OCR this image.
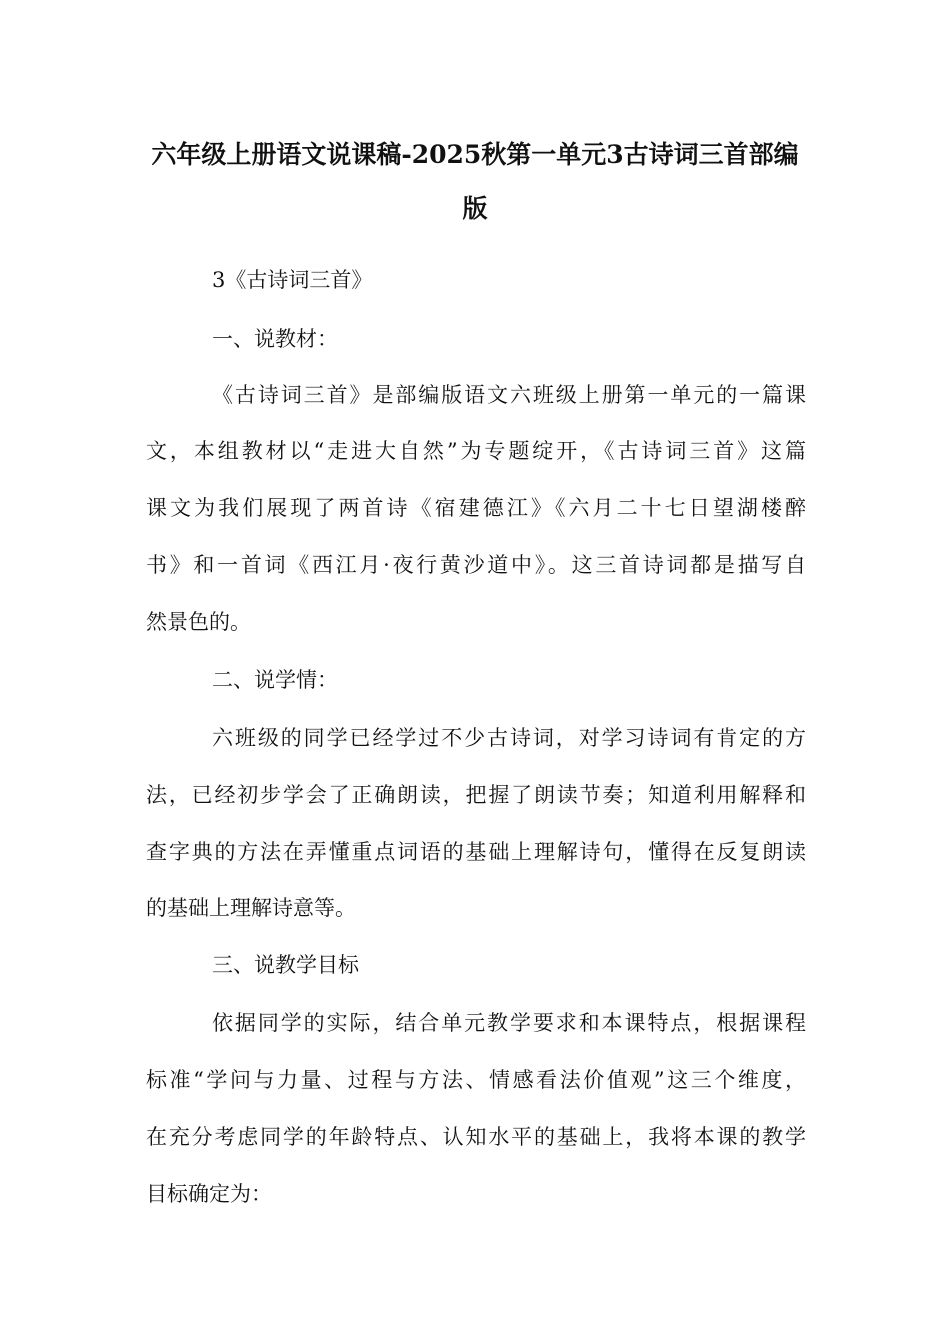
六年级上册语文说课稿-2025秋第一单元3古诗词三首部编
版
3《古诗词三首》
一、说教材：
《古诗词三首》是部编版语文六班级上册第一单元的一篇课
文，本组教材以“走进大自然”为专题绽开，《古诗词三首》这篇
课文为我们展现了两首诗《宿建德江》《六月二十七日望湖楼醉
书》和一首词《西江月·夜行黄沙道中》。这三首诗词都是描写自
然景色的。
二、说学情：
六班级的同学已经学过不少古诗词，对学习诗词有肯定的方
法，已经初步学会了正确朗读，把握了朗读节奏；知道利用解释和
查字典的方法在弄懂重点词语的基础上理解诗句，懂得在反复朗读
的基础上理解诗意等。
三、说教学目标
依据同学的实际，结合单元教学要求和本课特点，根据课程
标准“学问与力量、过程与方法、情感看法价值观”这三个维度，
在充分考虑同学的年龄特点、认知水平的基础上，我将本课的教学
目标确定为：
